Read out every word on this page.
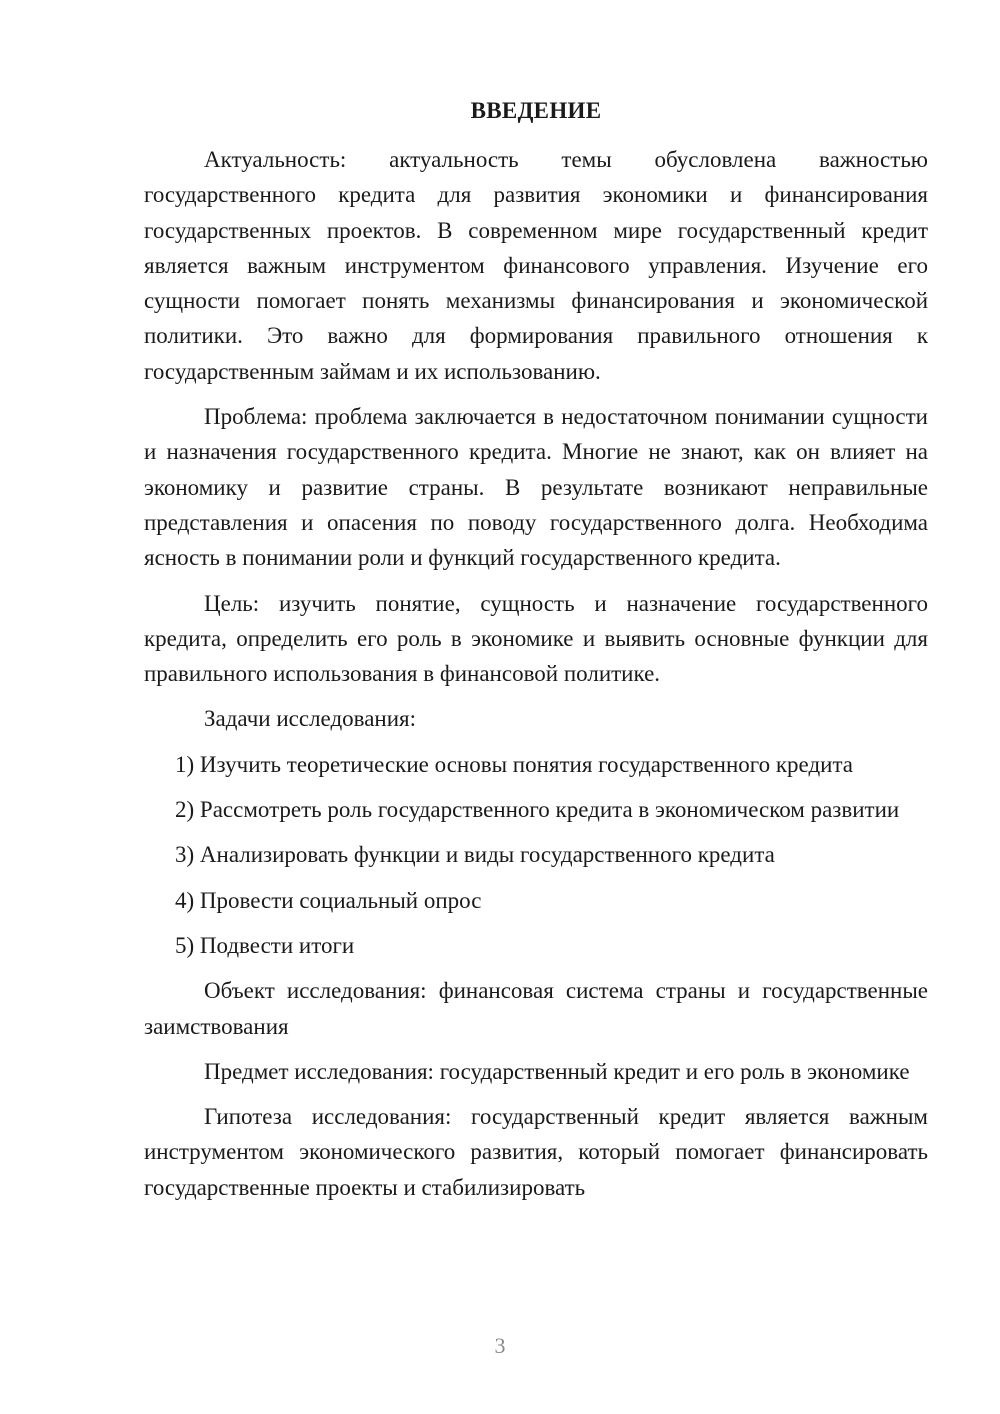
ВВЕДЕНИЕ

Актуальность: актуальность темы обусловлена важностью государственного кредита для развития экономики и финансирования государственных проектов. В современном мире государственный кредит является важным инструментом финансового управления. Изучение его сущности помогает понять механизмы финансирования и экономической политики. Это важно для формирования правильного отношения к государственным займам и их использованию.

Проблема: проблема заключается в недостаточном понимании сущности и назначения государственного кредита. Многие не знают, как он влияет на экономику и развитие страны. В результате возникают неправильные представления и опасения по поводу государственного долга. Необходима ясность в понимании роли и функций государственного кредита.

Цель: изучить понятие, сущность и назначение государственного кредита, определить его роль в экономике и выявить основные функции для правильного использования в финансовой политике.

Задачи исследования:

1) Изучить теоретические основы понятия государственного кредита

2) Рассмотреть роль государственного кредита в экономическом развитии

3) Анализировать функции и виды государственного кредита

4) Провести социальный опрос

5) Подвести итоги

Объект исследования: финансовая система страны и государственные заимствования

Предмет исследования: государственный кредит и его роль в экономике

Гипотеза исследования: государственный кредит является важным инструментом экономического развития, который помогает финансировать государственные проекты и стабилизировать

3
